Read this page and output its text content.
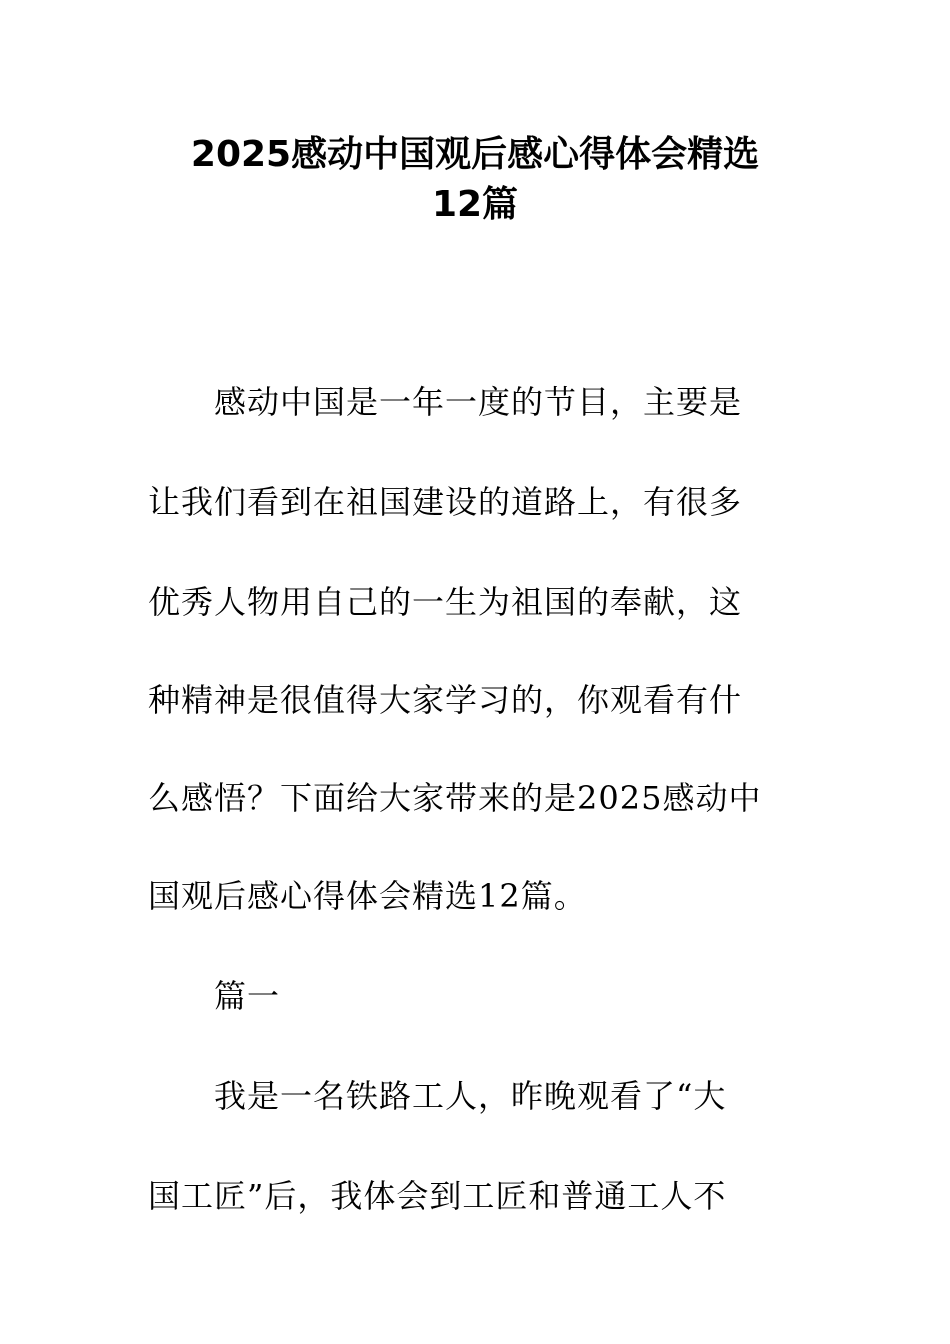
2025感动中国观后感心得体会精选
12篇
感动中国是一年一度的节目，主要是
让我们看到在祖国建设的道路上，有很多
优秀人物用自己的一生为祖国的奉献，这
种精神是很值得大家学习的，你观看有什
么感悟？下面给大家带来的是2025感动中
国观后感心得体会精选12篇。
篇一
我是一名铁路工人，昨晚观看了“大
国工匠”后，我体会到工匠和普通工人不
